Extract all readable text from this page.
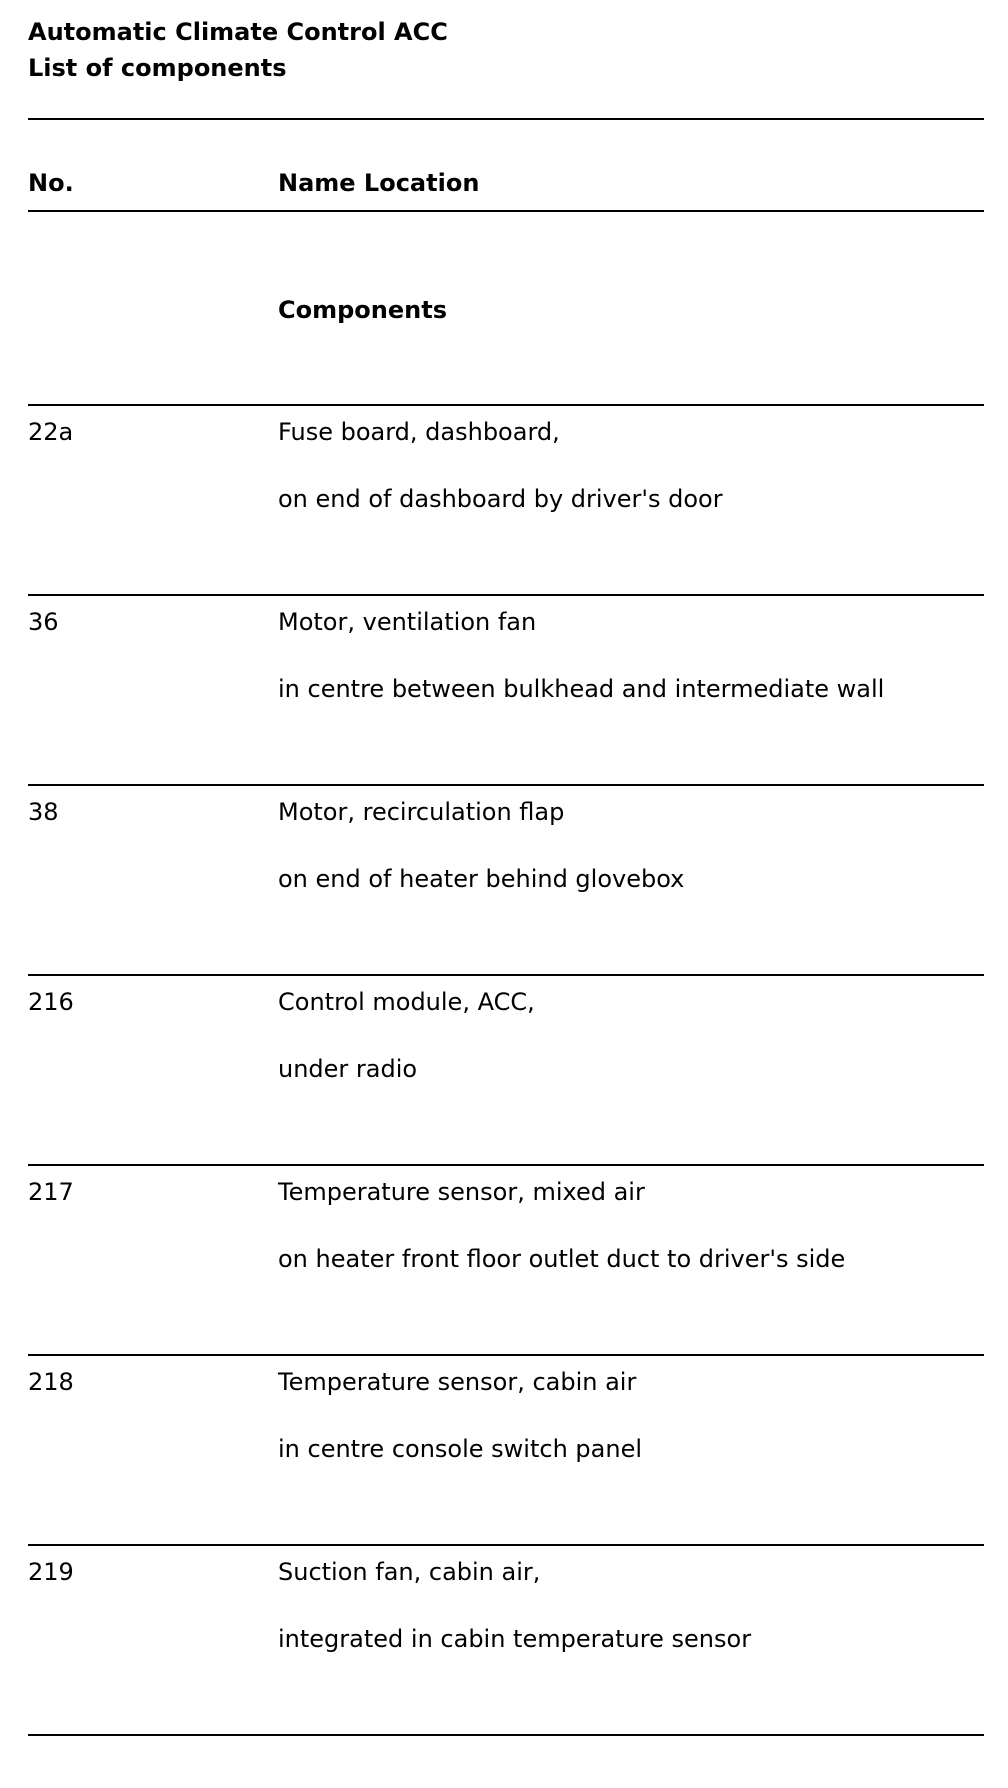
Automatic Climate Control ACC
List of components
No.	Name Location
Components
22a	Fuse board, dashboard,
on end of dashboard by driver's door
36	Motor, ventilation fan
in centre between bulkhead and intermediate wall
38	Motor, recirculation flap
on end of heater behind glovebox
216	Control module, ACC,
under radio
217	Temperature sensor, mixed air
on heater front floor outlet duct to driver's side
218	Temperature sensor, cabin air
in centre console switch panel
219	Suction fan, cabin air,
integrated in cabin temperature sensor
